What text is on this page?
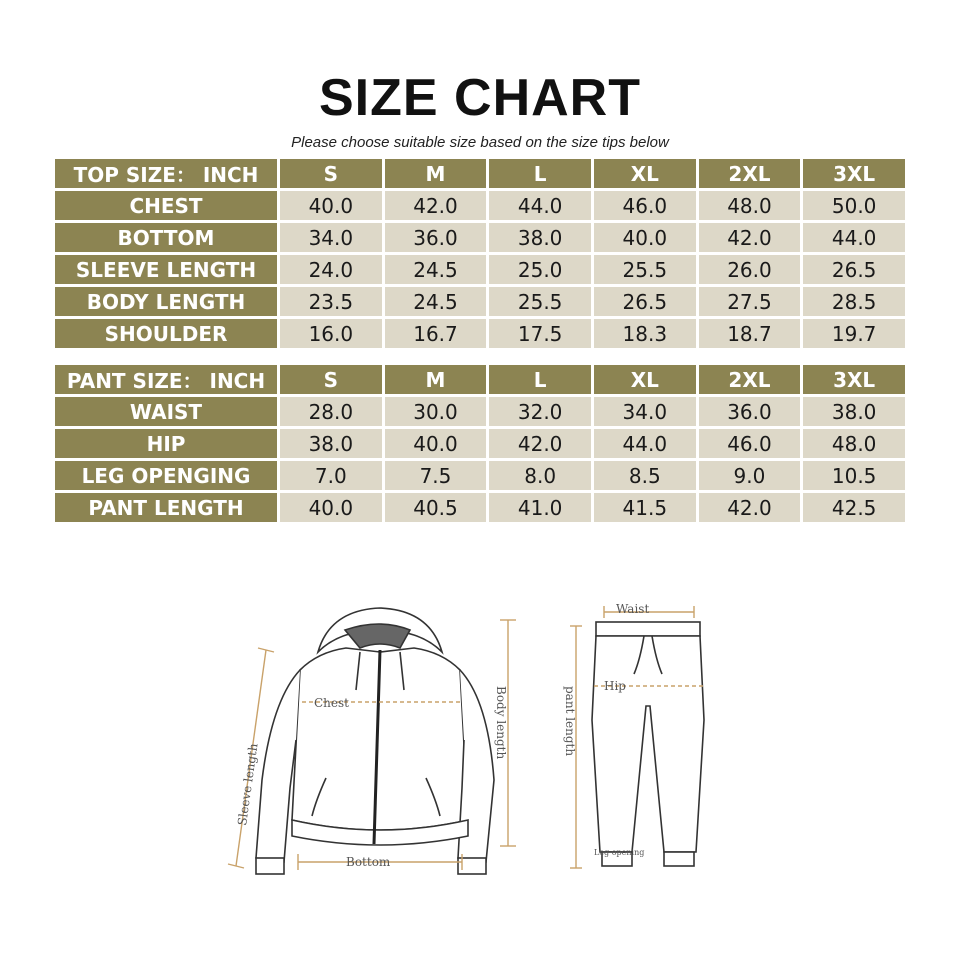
SIZE CHART
Please choose suitable size based on the size tips below
TOP SIZE： INCH	S	M	L	XL	2XL	3XL
CHEST	40.0	42.0	44.0	46.0	48.0	50.0
BOTTOM	34.0	36.0	38.0	40.0	42.0	44.0
SLEEVE LENGTH	24.0	24.5	25.0	25.5	26.0	26.5
BODY LENGTH	23.5	24.5	25.5	26.5	27.5	28.5
SHOULDER	16.0	16.7	17.5	18.3	18.7	19.7
PANT SIZE： INCH	S	M	L	XL	2XL	3XL
WAIST	28.0	30.0	32.0	34.0	36.0	38.0
HIP	38.0	40.0	42.0	44.0	46.0	48.0
LEG OPENGING	7.0	7.5	8.0	8.5	9.0	10.5
PANT LENGTH	40.0	40.5	41.0	41.5	42.0	42.5
Chest
Sleeve length
Body length
Bottom
Waist
Hip
pant length
Leg opening
